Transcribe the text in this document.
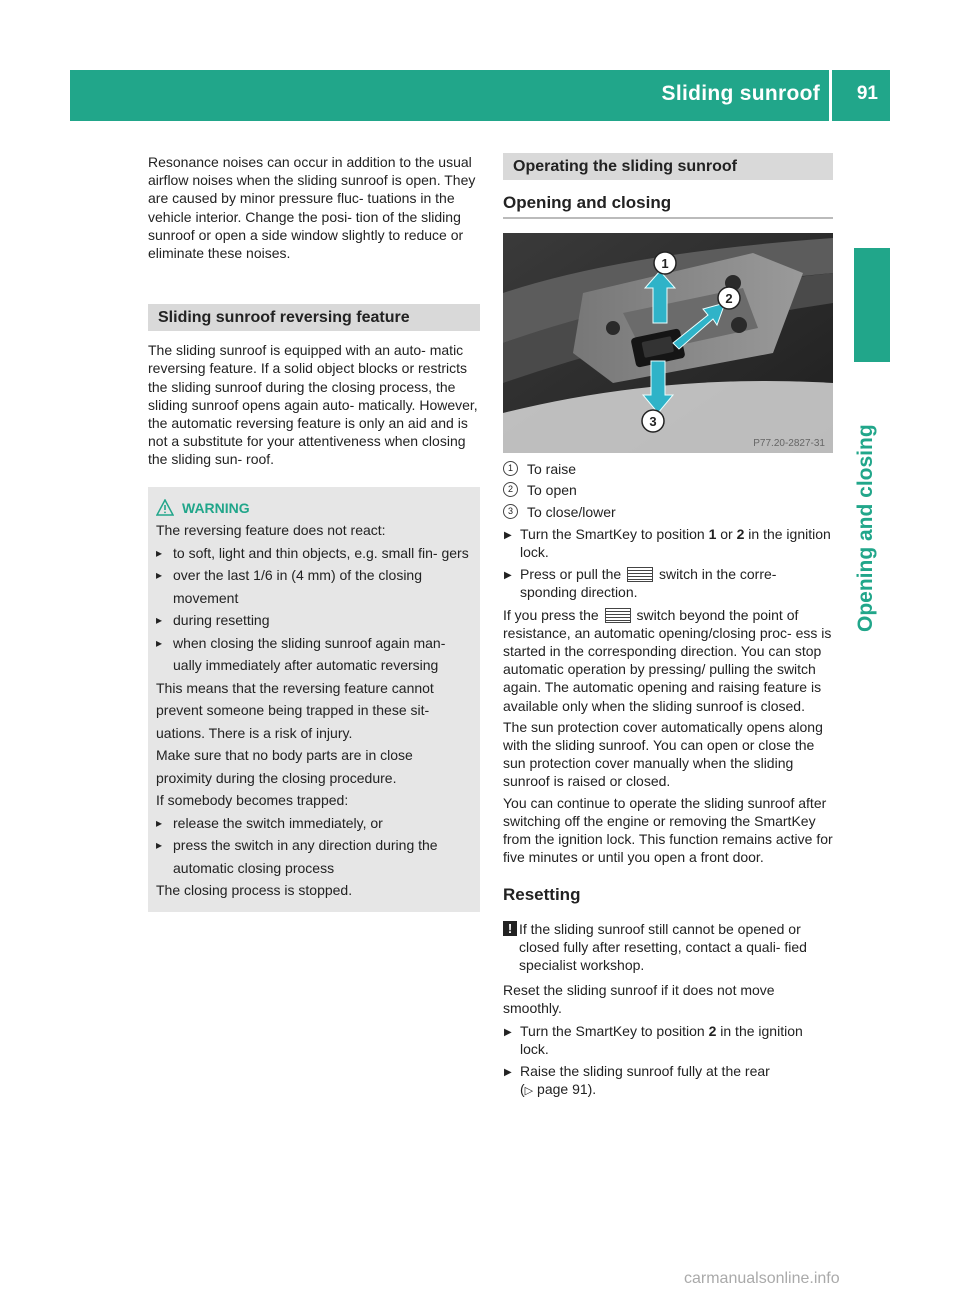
Sliding sunroof 91
Opening and closing

Resonance noises can occur in addition to the usual airflow noises when the sliding sunroof is open. They are caused by minor pressure fluc- tuations in the vehicle interior. Change the posi- tion of the sliding sunroof or open a side window slightly to reduce or eliminate these noises.

Sliding sunroof reversing feature

The sliding sunroof is equipped with an auto- matic reversing feature. If a solid object blocks or restricts the sliding sunroof during the closing process, the sliding sunroof opens again auto- matically. However, the automatic reversing feature is only an aid and is not a substitute for your attentiveness when closing the sliding sun- roof.

WARNING

The reversing feature does not react:

▸ to soft, light and thin objects, e.g. small fin- gers

▸ over the last 1/6 in (4 mm) of the closing movement

▸ during resetting

▸ when closing the sliding sunroof again man- ually immediately after automatic reversing

This means that the reversing feature cannot prevent someone being trapped in these sit- uations. There is a risk of injury.

Make sure that no body parts are in close proximity during the closing procedure.

If somebody becomes trapped:

▸ release the switch immediately, or

▸ press the switch in any direction during the automatic closing process

The closing process is stopped.

Operating the sliding sunroof
Opening and closing
1
2
3
P77.20-2827-31

1	To raise

2	To open

3	To close/lower

▶ Turn the SmartKey to position 1 or 2 in the ignition lock.

▶ Press or pull the	switch in the corre- sponding direction.

If you press the	switch beyond the point of resistance, an automatic opening/closing proc- ess is started in the corresponding direction. You can stop automatic operation by pressing/ pulling the switch again. The automatic opening and raising feature is available only when the sliding sunroof is closed.

The sun protection cover automatically opens along with the sliding sunroof. You can open or close the sun protection cover manually when the sliding sunroof is raised or closed.

You can continue to operate the sliding sunroof after switching off the engine or removing the SmartKey from the ignition lock. This function remains active for five minutes or until you open a front door.

Resetting

! If the sliding sunroof still cannot be opened or closed fully after resetting, contact a quali- fied specialist workshop.

Reset the sliding sunroof if it does not move smoothly.

▶ Turn the SmartKey to position 2 in the ignition lock.

▶ Raise the sliding sunroof fully at the rear
(▷ page 91).

carmanualsonline.info
